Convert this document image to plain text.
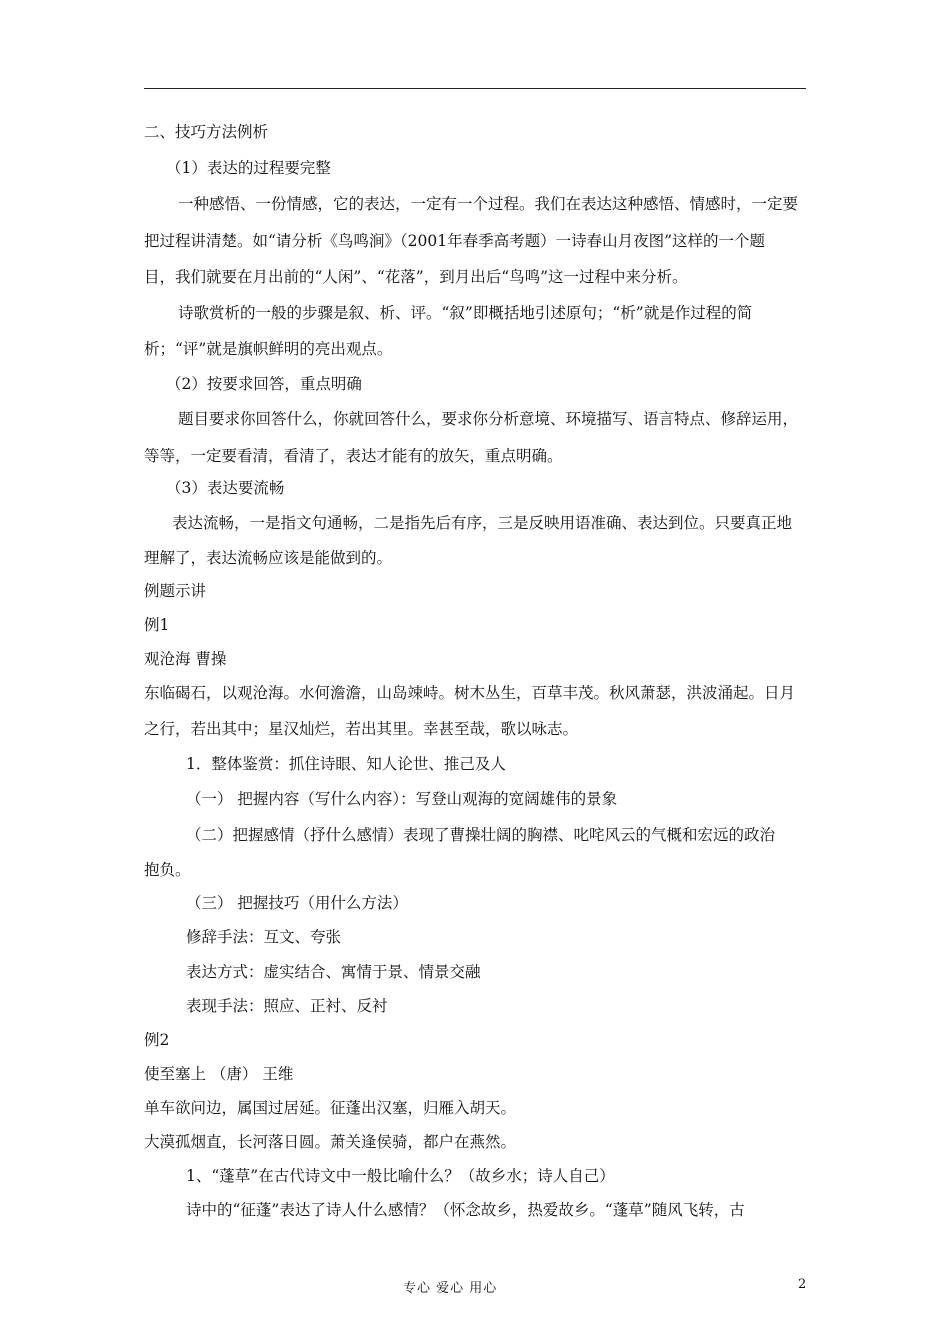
二、技巧方法例析
（1）表达的过程要完整
一种感悟、一份情感，它的表达，一定有一个过程。我们在表达这种感悟、情感时，一定要
把过程讲清楚。如“请分析《鸟鸣涧》（2001年春季高考题）一诗春山月夜图”这样的一个题
目，我们就要在月出前的“人闲”、“花落”，到月出后“鸟鸣”这一过程中来分析。
诗歌赏析的一般的步骤是叙、析、评。“叙”即概括地引述原句；“析”就是作过程的简
析；“评”就是旗帜鲜明的亮出观点。
（2）按要求回答，重点明确
题目要求你回答什么，你就回答什么，要求你分析意境、环境描写、语言特点、修辞运用，
等等，一定要看清，看清了，表达才能有的放矢，重点明确。
（3）表达要流畅
表达流畅，一是指文句通畅，二是指先后有序，三是反映用语准确、表达到位。只要真正地
理解了，表达流畅应该是能做到的。
例题示讲
例1
观沧海 曹操
东临碣石，以观沧海。水何澹澹，山岛竦峙。树木丛生，百草丰茂。秋风萧瑟，洪波涌起。日月
之行，若出其中；星汉灿烂，若出其里。幸甚至哉，歌以咏志。
1．整体鉴赏：抓住诗眼、知人论世、推己及人
（一） 把握内容（写什么内容）：写登山观海的宽阔雄伟的景象
（二）把握感情（抒什么感情）表现了曹操壮阔的胸襟、叱咤风云的气概和宏远的政治
抱负。
（三） 把握技巧（用什么方法）
修辞手法：互文、夸张
表达方式：虚实结合、寓情于景、情景交融
表现手法：照应、正衬、反衬
例2
使至塞上 （唐） 王维
单车欲问边，属国过居延。征蓬出汉塞，归雁入胡天。
大漠孤烟直，长河落日圆。萧关逢侯骑，都户在燕然。
1、“蓬草”在古代诗文中一般比喻什么？（故乡水；诗人自己）
诗中的“征蓬”表达了诗人什么感情？（怀念故乡，热爱故乡。“蓬草”随风飞转，古
专心 爱心 用心	2
